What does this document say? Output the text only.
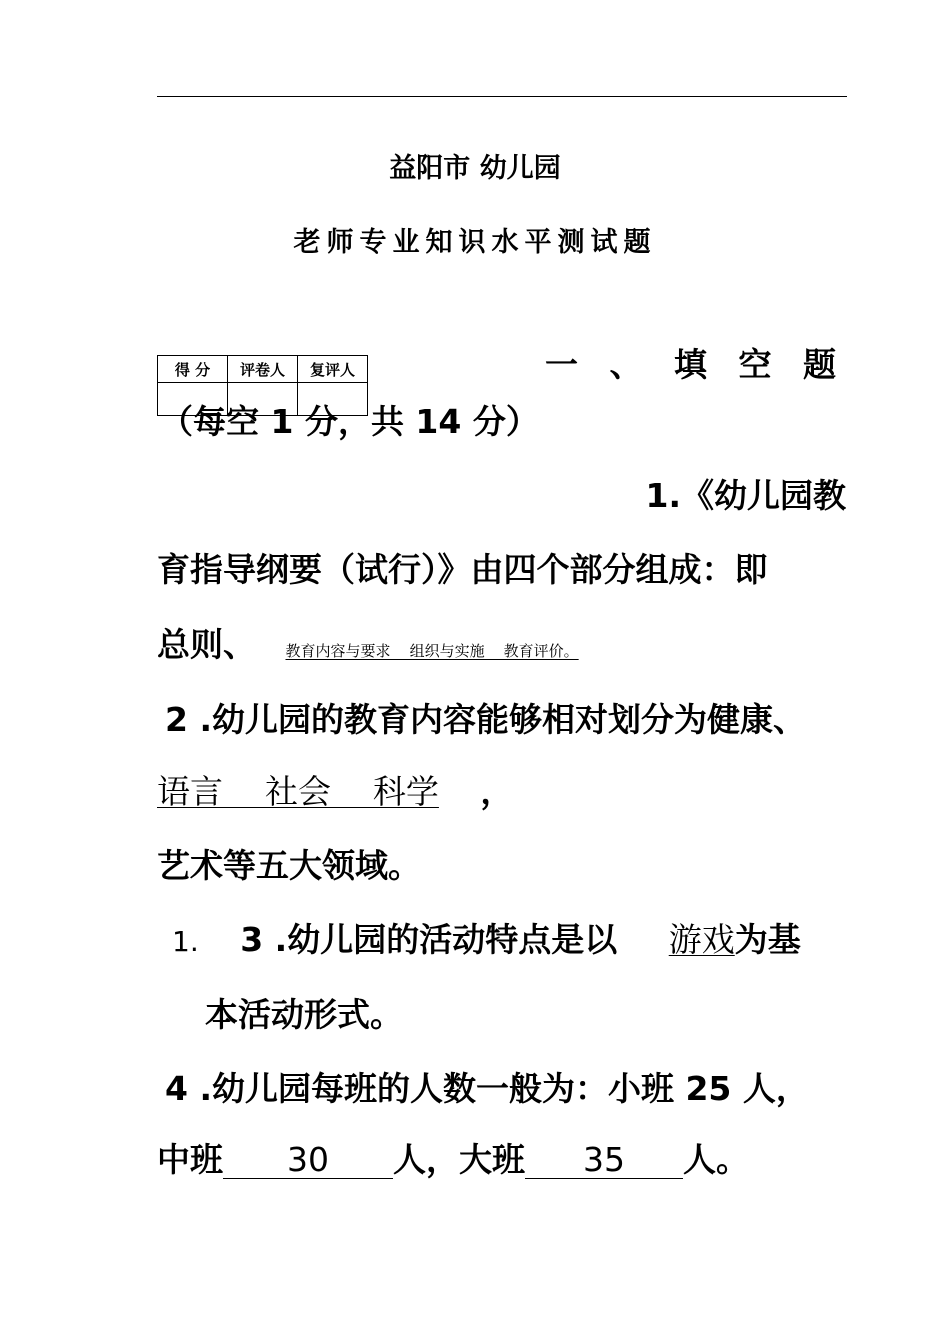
益阳市 幼儿园
老师专业知识水平测试题
得 分	评卷人	复评人
			一 、 填 空 题
（每空 1 分，共 14 分）
1.《幼儿园教
育指导纲要（试行）》由四个部分组成：即
总则、 教育内容与要求    组织与实施    教育评价。
2 .幼儿园的教育内容能够相对划分为健康、
语言    社会    科学 ，
艺术等五大领域。
1. 3 .幼儿园的活动特点是以 游戏为基
本活动形式。
4 .幼儿园每班的人数一般为：小班 25 人，
中班 30 人，大班 35 人。
